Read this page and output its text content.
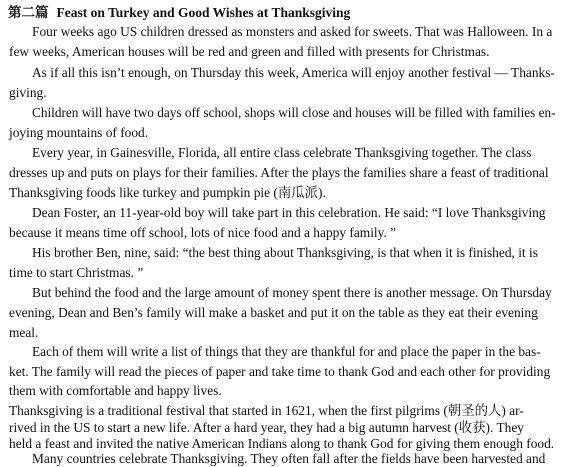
第二篇 Feast on Turkey and Good Wishes at Thanksgiving
Four weeks ago US children dressed as monsters and asked for sweets. That was Halloween. In a
few weeks, American houses will be red and green and filled with presents for Christmas.
As if all this isn’t enough, on Thursday this week, America will enjoy another festival — Thanks-
giving.
Children will have two days off school, shops will close and houses will be filled with families en-
joying mountains of food.
Every year, in Gainesville, Florida, all entire class celebrate Thanksgiving together. The class
dresses up and puts on plays for their families. After the plays the families share a feast of traditional
Thanksgiving foods like turkey and pumpkin pie (南瓜派).
Dean Foster, an 11-year-old boy will take part in this celebration. He said: “I love Thanksgiving
because it means time off school, lots of nice food and a happy family. ”
His brother Ben, nine, said: “the best thing about Thanksgiving, is that when it is finished, it is
time to start Christmas. ”
But behind the food and the large amount of money spent there is another message. On Thursday
evening, Dean and Ben’s family will make a basket and put it on the table as they eat their evening
meal.
Each of them will write a list of things that they are thankful for and place the paper in the bas-
ket. The family will read the pieces of paper and take time to thank God and each other for providing
them with comfortable and happy lives.
Thanksgiving is a traditional festival that started in 1621, when the first pilgrims (朝圣的人) ar-
rived in the US to start a new life. After a hard year, they had a big autumn harvest (收获). They
held a feast and invited the native American Indians along to thank God for giving them enough food.
Many countries celebrate Thanksgiving. They often fall after the fields have been harvested and
